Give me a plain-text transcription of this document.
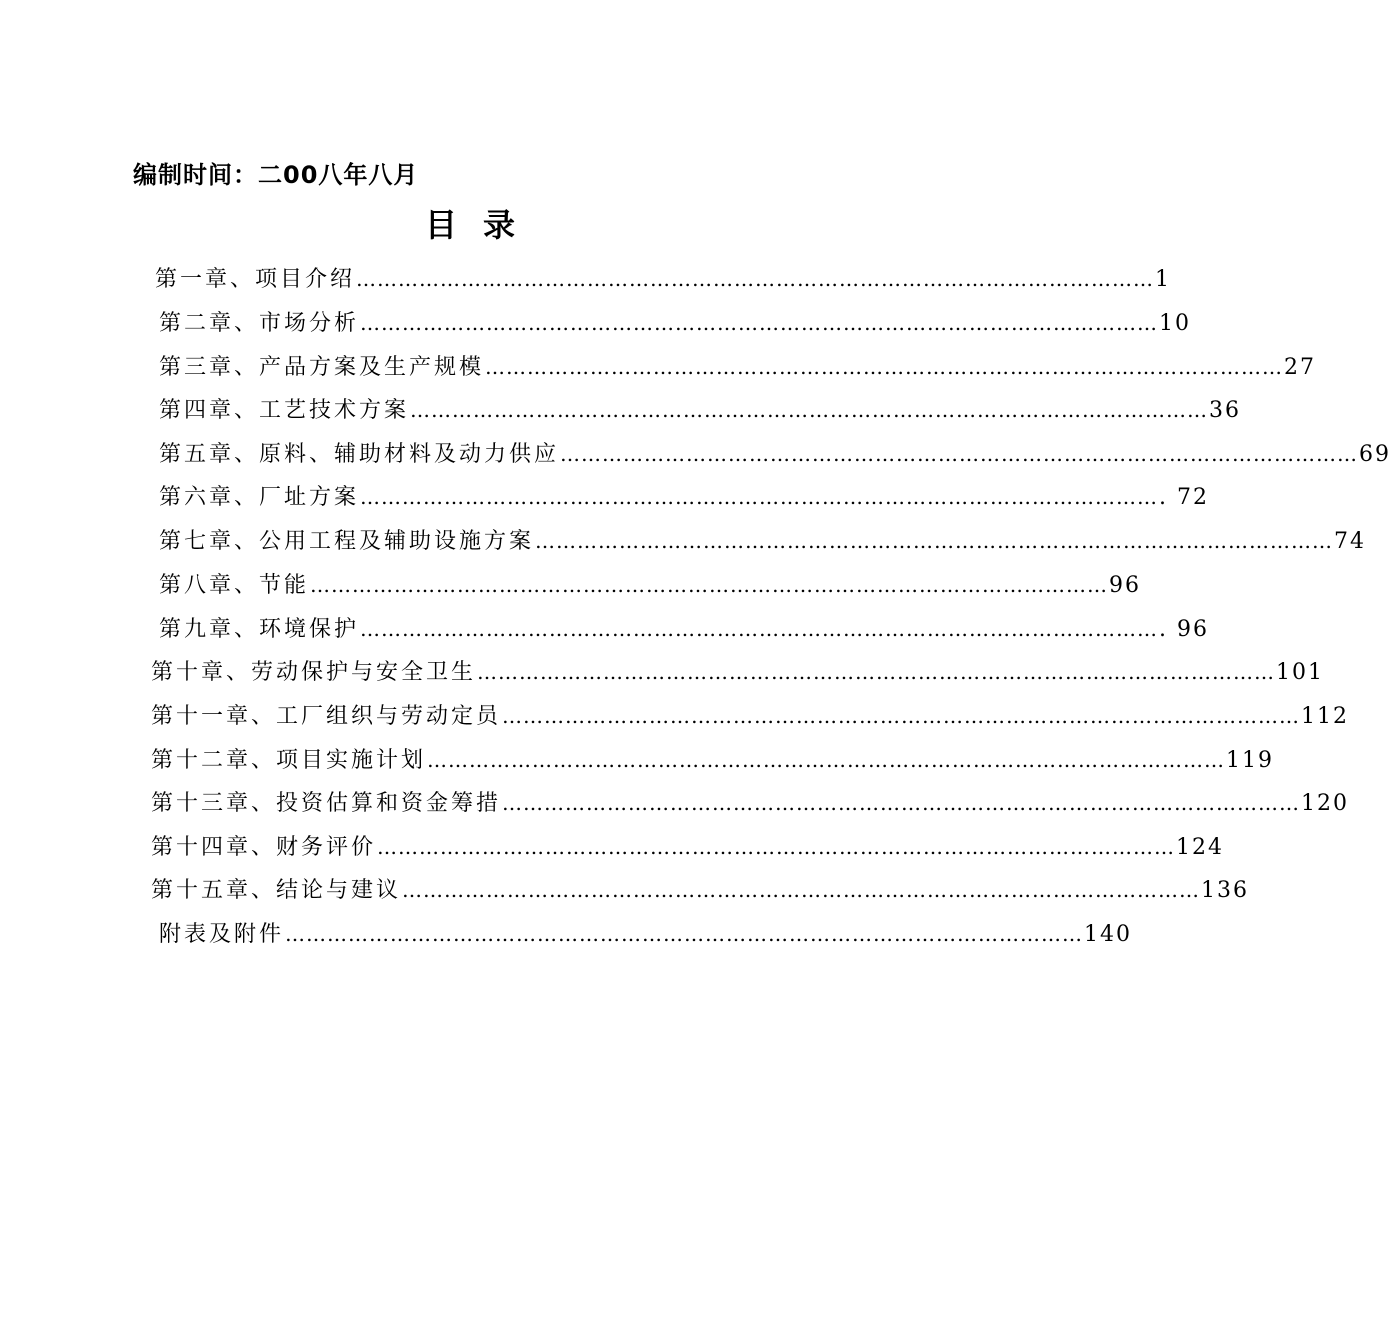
编制时间：二00八年八月
目录
第一章、项目介绍 …………………………………………………………………………………………………… 1
第二章、市场分析 …………………………………………………………………………………………………… 10
第三章、产品方案及生产规模 …………………………………………………………………………………………………… 27
第四章、工艺技术方案 …………………………………………………………………………………………………… 36
第五章、原料、辅助材料及动力供应 …………………………………………………………………………………………………… 69
第六章、厂址方案 …………………………………………………………………………………………………… . 72
第七章、公用工程及辅助设施方案 …………………………………………………………………………………………………… 74
第八章、节能 …………………………………………………………………………………………………… 96
第九章、环境保护 …………………………………………………………………………………………………… . 96
第十章、劳动保护与安全卫生 …………………………………………………………………………………………………… 101
第十一章、工厂组织与劳动定员 …………………………………………………………………………………………………… 112
第十二章、项目实施计划 …………………………………………………………………………………………………… 119
第十三章、投资估算和资金筹措 …………………………………………………………………………………………………… 120
第十四章、财务评价 …………………………………………………………………………………………………… 124
第十五章、结论与建议 …………………………………………………………………………………………………… 136
附表及附件 …………………………………………………………………………………………………… 140
